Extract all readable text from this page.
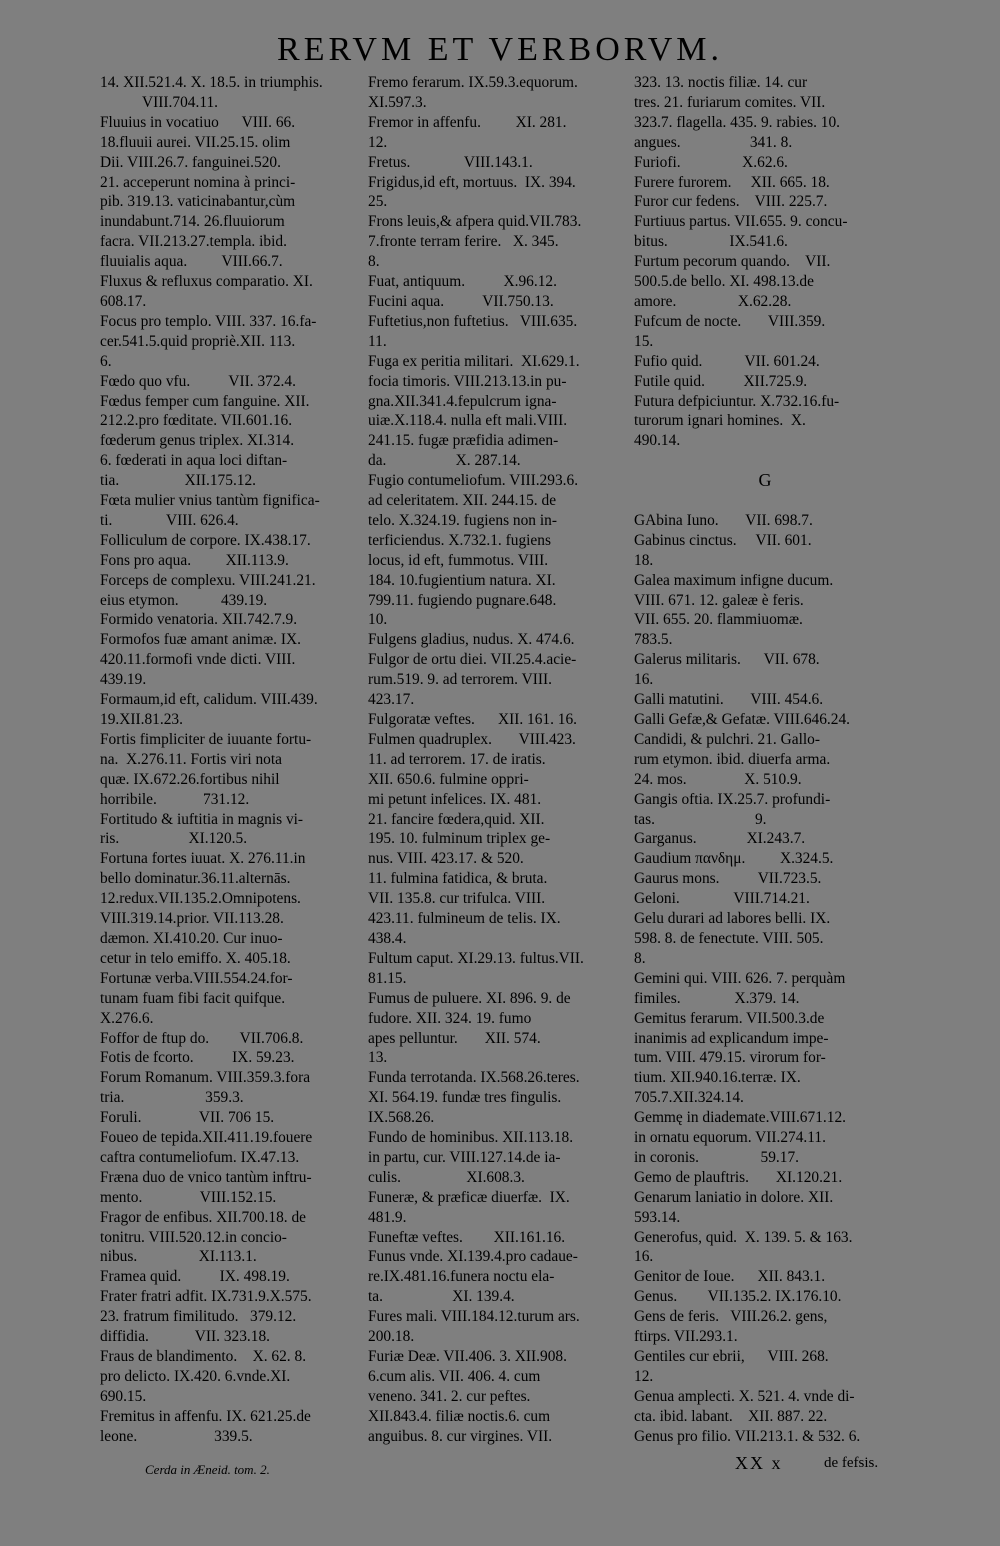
RERVM ET VERBORVM.
14. XII.521.4. X. 18.5. in triumphis.
VIII.704.11.
Fluuius in vocatiuo      VIII. 66.
18.fluuii aurei. VII.25.15. olim
Dii. VIII.26.7. fanguinei.520.
21. acceperunt nomina à princi-
pib. 319.13. vaticinabantur,cùm
inundabunt.714. 26.fluuiorum
facra. VII.213.27.templa. ibid.
fluuialis aqua.         VIII.66.7.
Fluxus & refluxus comparatio. XI.
608.17.
Focus pro templo. VIII. 337. 16.fa-
cer.541.5.quid propriè.XII. 113.
6.
Fœdo quo vfu.          VII. 372.4.
Fœdus femper cum fanguine. XII.
212.2.pro fœditate. VII.601.16.
fœderum genus triplex. XI.314.
6. fœderati in aqua loci diftan-
tia.                 XII.175.12.
Fœta mulier vnius tantùm fignifica-
ti.              VIII. 626.4.
Folliculum de corpore. IX.438.17.
Fons pro aqua.         XII.113.9.
Forceps de complexu. VIII.241.21.
eius etymon.           439.19.
Formido venatoria. XII.742.7.9.
Formofos fuæ amant animæ. IX.
420.11.formofi vnde dicti. VIII.
439.19.
Formaum,id eft, calidum. VIII.439.
19.XII.81.23.
Fortis fimpliciter de iuuante fortu-
na.  X.276.11. Fortis viri nota
quæ. IX.672.26.fortibus nihil
horribile.            731.12.
Fortitudo & iuftitia in magnis vi-
ris.                  XI.120.5.
Fortuna fortes iuuat. X. 276.11.in
bello dominatur.36.11.alternās.
12.redux.VII.135.2.Omnipotens.
VIII.319.14.prior. VII.113.28.
dæmon. XI.410.20. Cur inuo-
cetur in telo emiffo. X. 405.18.
Fortunæ verba.VIII.554.24.for-
tunam fuam fibi facit quifque.
X.276.6.
Foffor de ftup do.        VII.706.8.
Fotis de fcorto.          IX. 59.23.
Forum Romanum. VIII.359.3.fora
tria.                     359.3.
Foruli.               VII. 706 15.
Foueo de tepida.XII.411.19.fouere
caftra contumeliofum. IX.47.13.
Fræna duo de vnico tantùm inftru-
mento.               VIII.152.15.
Fragor de enfibus. XII.700.18. de
tonitru. VIII.520.12.in concio-
nibus.                XI.113.1.
Framea quid.          IX. 498.19.
Frater fratri adfit. IX.731.9.X.575.
23. fratrum fimilitudo.   379.12.
diffidia.            VII. 323.18.
Fraus de blandimento.    X. 62. 8.
pro delicto. IX.420. 6.vnde.XI.
690.15.
Fremitus in affenfu. IX. 621.25.de
leone.                    339.5.
Fremo ferarum. IX.59.3.equorum.
XI.597.3.
Fremor in affenfu.         XI. 281.
12.
Fretus.              VIII.143.1.
Frigidus,id eft, mortuus.  IX. 394.
25.
Frons leuis,& afpera quid.VII.783.
7.fronte terram ferire.   X. 345.
8.
Fuat, antiquum.          X.96.12.
Fucini aqua.          VII.750.13.
Fuftetius,non fuftetius.   VIII.635.
11.
Fuga ex peritia militari.  XI.629.1.
focia timoris. VIII.213.13.in pu-
gna.XII.341.4.fepulcrum igna-
uiæ.X.118.4. nulla eft mali.VIII.
241.15. fugæ præfidia adimen-
da.                  X. 287.14.
Fugio contumeliofum. VIII.293.6.
ad celeritatem. XII. 244.15. de
telo. X.324.19. fugiens non in-
terficiendus. X.732.1. fugiens
locus, id eft, fummotus. VIII.
184. 10.fugientium natura. XI.
799.11. fugiendo pugnare.648.
10.
Fulgens gladius, nudus. X. 474.6.
Fulgor de ortu diei. VII.25.4.acie-
rum.519. 9. ad terrorem. VIII.
423.17.
Fulgoratæ veftes.      XII. 161. 16.
Fulmen quadruplex.       VIII.423.
11. ad terrorem. 17. de iratis.
XII. 650.6. fulmine oppri-
mi petunt infelices. IX. 481.
21. fancire fœdera,quid. XII.
195. 10. fulminum triplex ge-
nus. VIII. 423.17. & 520.
11. fulmina fatidica, & bruta.
VII. 135.8. cur trifulca. VIII.
423.11. fulmineum de telis. IX.
438.4.
Fultum caput. XI.29.13. fultus.VII.
81.15.
Fumus de puluere. XI. 896. 9. de
fudore. XII. 324. 19. fumo
apes pelluntur.       XII. 574.
13.
Funda terrotanda. IX.568.26.teres.
XI. 564.19. fundæ tres fingulis.
IX.568.26.
Fundo de hominibus. XII.113.18.
in partu, cur. VIII.127.14.de ia-
culis.                 XI.608.3.
Funeræ, & præficæ diuerfæ.  IX.
481.9.
Funeftæ veftes.        XII.161.16.
Funus vnde. XI.139.4.pro cadaue-
re.IX.481.16.funera noctu ela-
ta.                  XI. 139.4.
Fures mali. VIII.184.12.turum ars.
200.18.
Furiæ Deæ. VII.406. 3. XII.908.
6.cum alis. VII. 406. 4. cum
veneno. 341. 2. cur peftes.
XII.843.4. filiæ noctis.6. cum
anguibus. 8. cur virgines. VII.
323. 13. noctis filiæ. 14. cur
tres. 21. furiarum comites. VII.
323.7. flagella. 435. 9. rabies. 10.
angues.                  341. 8.
Furiofi.                X.62.6.
Furere furorem.     XII. 665. 18.
Furor cur fedens.    VIII. 225.7.
Furtiuus partus. VII.655. 9. concu-
bitus.                IX.541.6.
Furtum pecorum quando.    VII.
500.5.de bello. XI. 498.13.de
amore.                X.62.28.
Fufcum de nocte.       VIII.359.
15.
Fufio quid.           VII. 601.24.
Futile quid.          XII.725.9.
Futura defpiciuntur. X.732.16.fu-
turorum ignari homines.  X.
490.14.
G
GAbina Iuno.       VII. 698.7.
Gabinus cinctus.     VII. 601.
18.
Galea maximum infigne ducum.
VIII. 671. 12. galeæ è feris.
VII. 655. 20. flammiuomæ.
783.5.
Galerus militaris.      VII. 678.
16.
Galli matutini.       VIII. 454.6.
Galli Gefæ,& Gefatæ. VIII.646.24.
Candidi, & pulchri. 21. Gallo-
rum etymon. ibid. diuerfa arma.
24. mos.               X. 510.9.
Gangis oftia. IX.25.7. profundi-
tas.                          9.
Garganus.             XI.243.7.
Gaudium πανδημ.         X.324.5.
Gaurus mons.          VII.723.5.
Geloni.              VIII.714.21.
Gelu durari ad labores belli. IX.
598. 8. de fenectute. VIII. 505.
8.
Gemini qui. VIII. 626. 7. perquàm
fimiles.              X.379. 14.
Gemitus ferarum. VII.500.3.de
inanimis ad explicandum impe-
tum. VIII. 479.15. virorum for-
tium. XII.940.16.terræ. IX.
705.7.XII.324.14.
Gemmę in diademate.VIII.671.12.
in ornatu equorum. VII.274.11.
in coronis.                59.17.
Gemo de plauftris.       XI.120.21.
Genarum laniatio in dolore. XII.
593.14.
Generofus, quid.  X. 139. 5. & 163.
16.
Genitor de Ioue.      XII. 843.1.
Genus.        VII.135.2. IX.176.10.
Gens de feris.   VIII.26.2. gens,
ftirps. VII.293.1.
Gentiles cur ebrii,      VIII. 268.
12.
Genua amplecti. X. 521. 4. vnde di-
cta. ibid. labant.    XII. 887. 22.
Genus pro filio. VII.213.1. & 532. 6.
Cerda in Æneid. tom. 2.	XX x	de fefsis.
